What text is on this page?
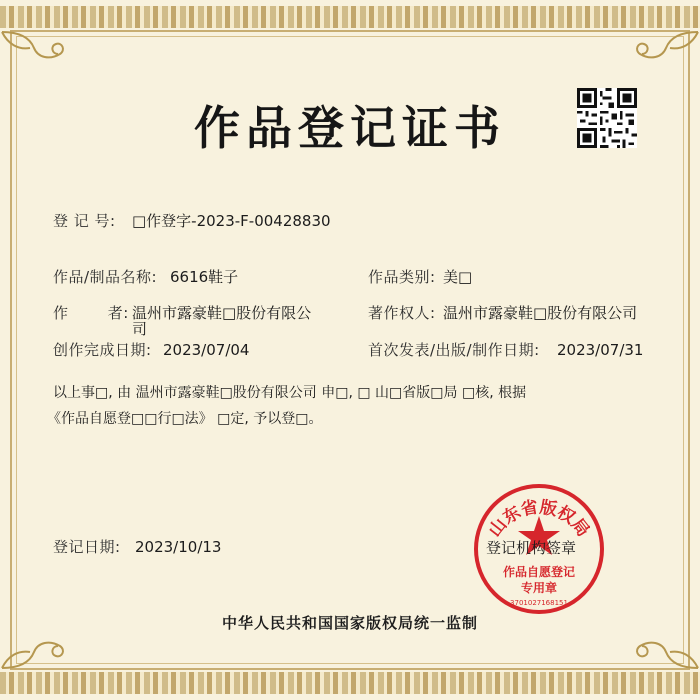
作品登记证书
登 记 号: □作登字-2023-F-00428830
作品/制品名称: 6616鞋子	作品类别: 美□
作 者: 温州市露豪鞋□股份有限公
司
著作权人: 温州市露豪鞋□股份有限公司
创作完成日期: 2023/07/04	首次发表/出版/制作日期: 2023/07/31
以上事□, 由 温州市露豪鞋□股份有限公司 申□, □ 山□省版□局 □核, 根据
《作品自愿登□□行□法》 □定, 予以登□。
登记日期: 2023/10/13
山东省版权局
作品自愿登记
专用章
3701027168151
登记机构签章
中华人民共和国国家版权局统一监制
